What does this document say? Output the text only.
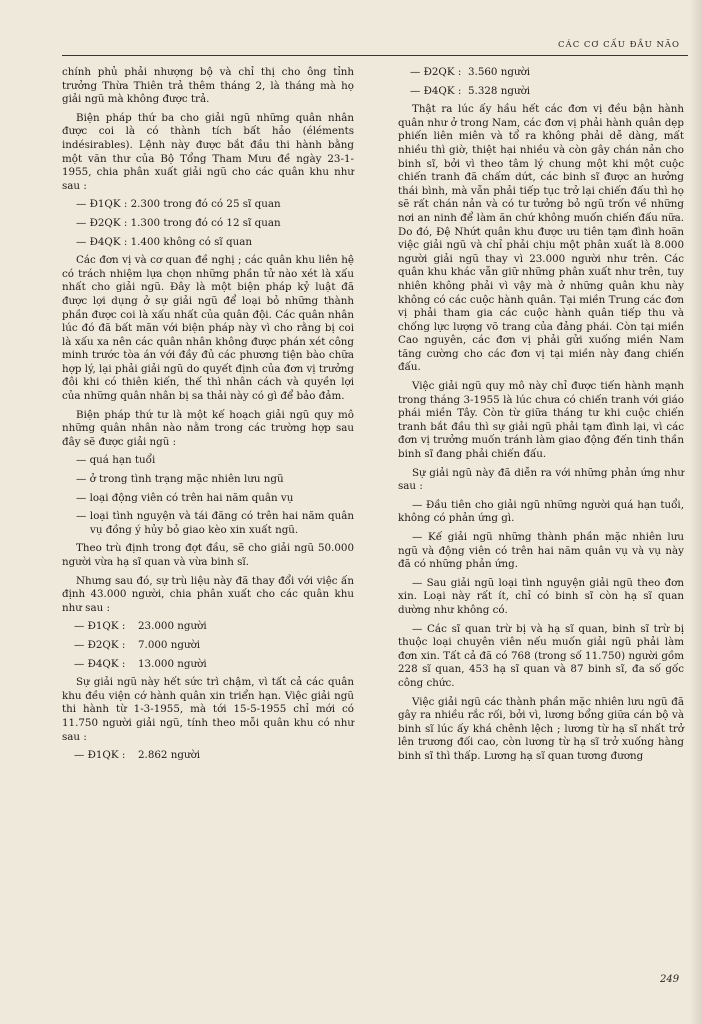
CÁC CƠ CẤU ĐẦU NÃO

chính phủ phải nhượng bộ và chỉ thị cho ông tỉnh trưởng Thừa Thiên trả thêm tháng 2, là tháng mà họ giải ngũ mà không được trả.

Biện pháp thứ ba cho giải ngũ những quân nhân được coi là có thành tích bất hảo (éléments indésirables). Lệnh này được bắt đầu thi hành bằng một văn thư của Bộ Tổng Tham Mưu đề ngày 23-1-1955, chia phân xuất giải ngũ cho các quân khu như sau :

— Đ1QK : 2.300 trong đó có 25 sĩ quan

— Đ2QK : 1.300 trong đó có 12 sĩ quan

— Đ4QK : 1.400 không có sĩ quan

Các đơn vị và cơ quan đề nghị ; các quân khu liên hệ có trách nhiệm lựa chọn những phần tử nào xét là xấu nhất cho giải ngũ. Đây là một biện pháp kỷ luật đã được lợi dụng ở sự giải ngũ để loại bỏ những thành phần được coi là xấu nhất của quân đội. Các quân nhân lúc đó đã bất mãn với biện pháp này vì cho rằng bị coi là xấu xa nên các quân nhân không được phán xét công minh trước tòa án với đầy đủ các phương tiện bào chữa hợp lý, lại phải giải ngũ do quyết định của đơn vị trưởng đôi khi có thiên kiến, thế thì nhân cách và quyền lợi của những quân nhân bị sa thải này có gì để bảo đảm.

Biện pháp thứ tư là một kế hoạch giải ngũ quy mô những quân nhân nào nằm trong các trường hợp sau đây sẽ được giải ngũ :

— quá hạn tuổi

— ở trong tình trạng mặc nhiên lưu ngũ

— loại động viên có trên hai năm quân vụ

— loại tình nguyện và tái đăng có trên hai năm quân vụ đồng ý hủy bỏ giao kèo xin xuất ngũ.

Theo trù định trong đợt đầu, sẽ cho giải ngũ 50.000 người vừa hạ sĩ quan và vừa binh sĩ.

Nhưng sau đó, sự trù liệu này đã thay đổi với việc ấn định 43.000 người, chia phân xuất cho các quân khu như sau :

— Đ1QK : 23.000 người

— Đ2QK : 7.000 người

— Đ4QK : 13.000 người

Sự giải ngũ này hết sức trì chậm, vì tất cả các quân khu đều viện cớ hành quân xin triển hạn. Việc giải ngũ thi hành từ 1-3-1955, mà tới 15-5-1955 chỉ mới có 11.750 người giải ngũ, tính theo mỗi quân khu có như sau :

— Đ1QK : 2.862 người

— Đ2QK : 3.560 người

— Đ4QK : 5.328 người

Thật ra lúc ấy hầu hết các đơn vị đều bận hành quân như ở trong Nam, các đơn vị phải hành quân dẹp phiến liên miên và tổ ra không phải dễ dàng, mất nhiều thì giờ, thiệt hại nhiều và còn gây chán nản cho binh sĩ, bởi vì theo tâm lý chung một khi một cuộc chiến tranh đã chấm dứt, các binh sĩ được an hưởng thái bình, mà vẫn phải tiếp tục trở lại chiến đấu thì họ sẽ rất chán nản và có tư tưởng bỏ ngũ trốn về những nơi an ninh để làm ăn chứ không muốn chiến đấu nữa. Do đó, Đệ Nhứt quân khu được ưu tiên tạm đình hoãn việc giải ngũ và chỉ phải chịu một phân xuất là 8.000 người giải ngũ thay vì 23.000 người như trên. Các quân khu khác vẫn giữ những phân xuất như trên, tuy nhiên không phải vì vậy mà ở những quân khu này không có các cuộc hành quân. Tại miền Trung các đơn vị phải tham gia các cuộc hành quân tiếp thu và chống lực lượng võ trang của đảng phái. Còn tại miền Cao nguyên, các đơn vị phải gửi xuống miền Nam tăng cường cho các đơn vị tại miền này đang chiến đấu.

Việc giải ngũ quy mô này chỉ được tiến hành mạnh trong tháng 3-1955 là lúc chưa có chiến tranh với giáo phái miền Tây. Còn từ giữa tháng tư khi cuộc chiến tranh bắt đầu thì sự giải ngũ phải tạm đình lại, vì các đơn vị trưởng muốn tránh làm giao động đến tinh thần binh sĩ đang phải chiến đấu.

Sự giải ngũ này đã diễn ra với những phản ứng như sau :

— Đầu tiên cho giải ngũ những người quá hạn tuổi, không có phản ứng gì.

— Kế giải ngũ những thành phần mặc nhiên lưu ngũ và động viên có trên hai năm quân vụ và vụ này đã có những phản ứng.

— Sau giải ngũ loại tình nguyện giải ngũ theo đơn xin. Loại này rất ít, chỉ có binh sĩ còn hạ sĩ quan dường như không có.

— Các sĩ quan trừ bị và hạ sĩ quan, binh sĩ trừ bị thuộc loại chuyên viên nếu muốn giải ngũ phải làm đơn xin. Tất cả đã có 768 (trong số 11.750) người gồm 228 sĩ quan, 453 hạ sĩ quan và 87 binh sĩ, đa số gốc công chức.

Việc giải ngũ các thành phần mặc nhiên lưu ngũ đã gây ra nhiều rắc rối, bởi vì, lương bổng giữa cán bộ và binh sĩ lúc ấy khá chênh lệch ; lương từ hạ sĩ nhất trở lên trương đối cao, còn lương từ hạ sĩ trở xuống hàng binh sĩ thì thấp. Lương hạ sĩ quan tương đương

249
